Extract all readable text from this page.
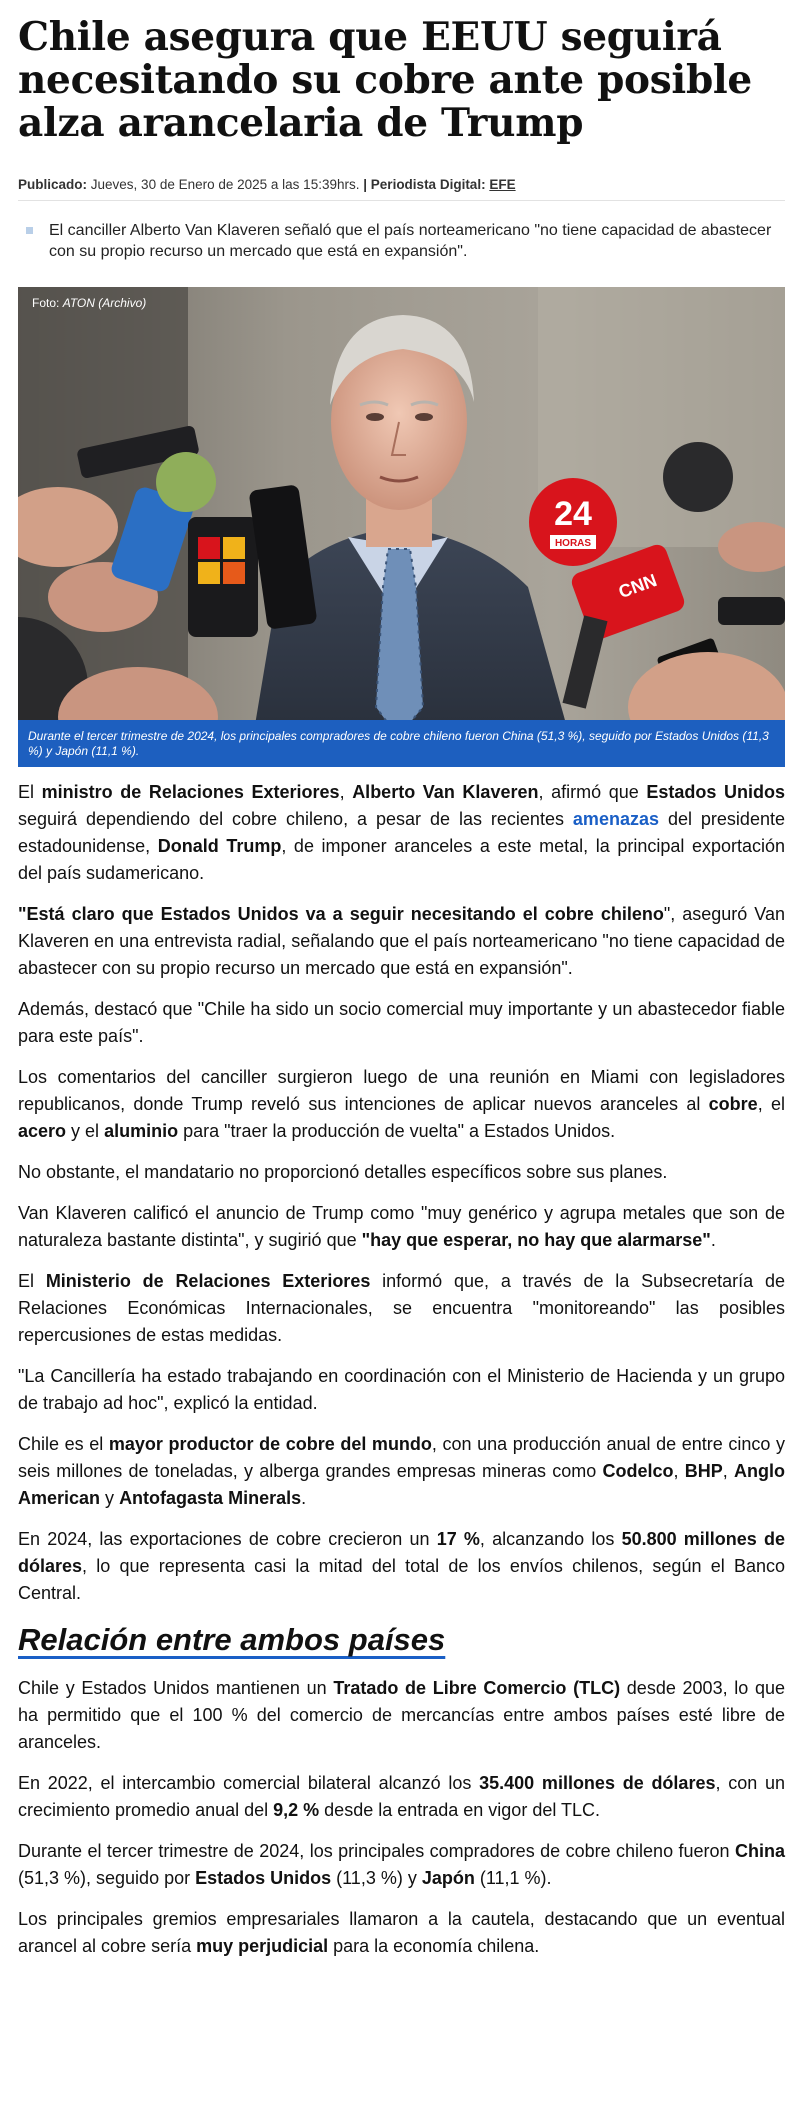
Chile asegura que EEUU seguirá necesitando su cobre ante posible alza arancelaria de Trump
Publicado: Jueves, 30 de Enero de 2025 a las 15:39hrs. | Periodista Digital: EFE
El canciller Alberto Van Klaveren señaló que el país norteamericano "no tiene capacidad de abastecer con su propio recurso un mercado que está en expansión".
24
HORAS
CNN
Foto: ATON (Archivo)
Durante el tercer trimestre de 2024, los principales compradores de cobre chileno fueron China (51,3 %), seguido por Estados Unidos (11,3 %) y Japón (11,1 %).

El ministro de Relaciones Exteriores, Alberto Van Klaveren, afirmó que Estados Unidos seguirá dependiendo del cobre chileno, a pesar de las recientes amenazas del presidente estadounidense, Donald Trump, de imponer aranceles a este metal, la principal exportación del país sudamericano.

"Está claro que Estados Unidos va a seguir necesitando el cobre chileno", aseguró Van Klaveren en una entrevista radial, señalando que el país norteamericano "no tiene capacidad de abastecer con su propio recurso un mercado que está en expansión".

Además, destacó que "Chile ha sido un socio comercial muy importante y un abastecedor fiable para este país".

Los comentarios del canciller surgieron luego de una reunión en Miami con legisladores republicanos, donde Trump reveló sus intenciones de aplicar nuevos aranceles al cobre, el acero y el aluminio para "traer la producción de vuelta" a Estados Unidos.

No obstante, el mandatario no proporcionó detalles específicos sobre sus planes.

Van Klaveren calificó el anuncio de Trump como "muy genérico y agrupa metales que son de naturaleza bastante distinta", y sugirió que "hay que esperar, no hay que alarmarse".

El Ministerio de Relaciones Exteriores informó que, a través de la Subsecretaría de Relaciones Económicas Internacionales, se encuentra "monitoreando" las posibles repercusiones de estas medidas.

"La Cancillería ha estado trabajando en coordinación con el Ministerio de Hacienda y un grupo de trabajo ad hoc", explicó la entidad.

Chile es el mayor productor de cobre del mundo, con una producción anual de entre cinco y seis millones de toneladas, y alberga grandes empresas mineras como Codelco, BHP, Anglo American y Antofagasta Minerals.

En 2024, las exportaciones de cobre crecieron un 17 %, alcanzando los 50.800 millones de dólares, lo que representa casi la mitad del total de los envíos chilenos, según el Banco Central.

Relación entre ambos países

Chile y Estados Unidos mantienen un Tratado de Libre Comercio (TLC) desde 2003, lo que ha permitido que el 100 % del comercio de mercancías entre ambos países esté libre de aranceles.

En 2022, el intercambio comercial bilateral alcanzó los 35.400 millones de dólares, con un crecimiento promedio anual del 9,2 % desde la entrada en vigor del TLC.

Durante el tercer trimestre de 2024, los principales compradores de cobre chileno fueron China (51,3 %), seguido por Estados Unidos (11,3 %) y Japón (11,1 %).

Los principales gremios empresariales llamaron a la cautela, destacando que un eventual arancel al cobre sería muy perjudicial para la economía chilena.
